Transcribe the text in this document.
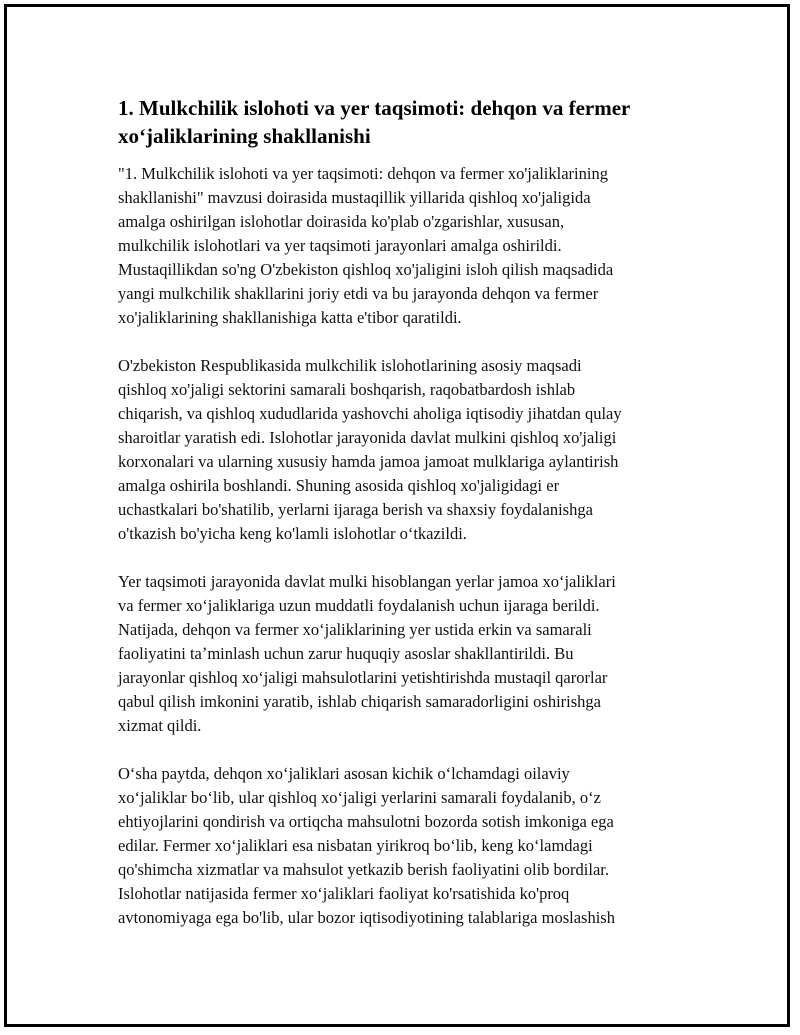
1. Mulkchilik islohoti va yer taqsimoti: dehqon va fermer
xoʻjaliklarining shakllanishi

"1. Mulkchilik islohoti va yer taqsimoti: dehqon va fermer xo'jaliklarining
shakllanishi" mavzusi doirasida mustaqillik yillarida qishloq xo'jaligida
amalga oshirilgan islohotlar doirasida ko'plab o'zgarishlar, xususan,
mulkchilik islohotlari va yer taqsimoti jarayonlari amalga oshirildi.
Mustaqillikdan so'ng O'zbekiston qishloq xo'jaligini isloh qilish maqsadida
yangi mulkchilik shakllarini joriy etdi va bu jarayonda dehqon va fermer
xo'jaliklarining shakllanishiga katta e'tibor qaratildi.

O'zbekiston Respublikasida mulkchilik islohotlarining asosiy maqsadi
qishloq xo'jaligi sektorini samarali boshqarish, raqobatbardosh ishlab
chiqarish, va qishloq xududlarida yashovchi aholiga iqtisodiy jihatdan qulay
sharoitlar yaratish edi. Islohotlar jarayonida davlat mulkini qishloq xo'jaligi
korxonalari va ularning xususiy hamda jamoa jamoat mulklariga aylantirish
amalga oshirila boshlandi. Shuning asosida qishloq xo'jaligidagi er
uchastkalari bo'shatilib, yerlarni ijaraga berish va shaxsiy foydalanishga
o'tkazish bo'yicha keng ko'lamli islohotlar oʻtkazildi.

Yer taqsimoti jarayonida davlat mulki hisoblangan yerlar jamoa xoʻjaliklari
va fermer xoʻjaliklariga uzun muddatli foydalanish uchun ijaraga berildi.
Natijada, dehqon va fermer xoʻjaliklarining yer ustida erkin va samarali
faoliyatini taʼminlash uchun zarur huquqiy asoslar shakllantirildi. Bu
jarayonlar qishloq xoʻjaligi mahsulotlarini yetishtirishda mustaqil qarorlar
qabul qilish imkonini yaratib, ishlab chiqarish samaradorligini oshirishga
xizmat qildi.

Oʻsha paytda, dehqon xoʻjaliklari asosan kichik oʻlchamdagi oilaviy
xoʻjaliklar boʻlib, ular qishloq xoʻjaligi yerlarini samarali foydalanib, oʻz
ehtiyojlarini qondirish va ortiqcha mahsulotni bozorda sotish imkoniga ega
edilar. Fermer xoʻjaliklari esa nisbatan yirikroq boʻlib, keng koʻlamdagi
qo'shimcha xizmatlar va mahsulot yetkazib berish faoliyatini olib bordilar.
Islohotlar natijasida fermer xoʻjaliklari faoliyat ko'rsatishida ko'proq
avtonomiyaga ega bo'lib, ular bozor iqtisodiyotining talablariga moslashish
